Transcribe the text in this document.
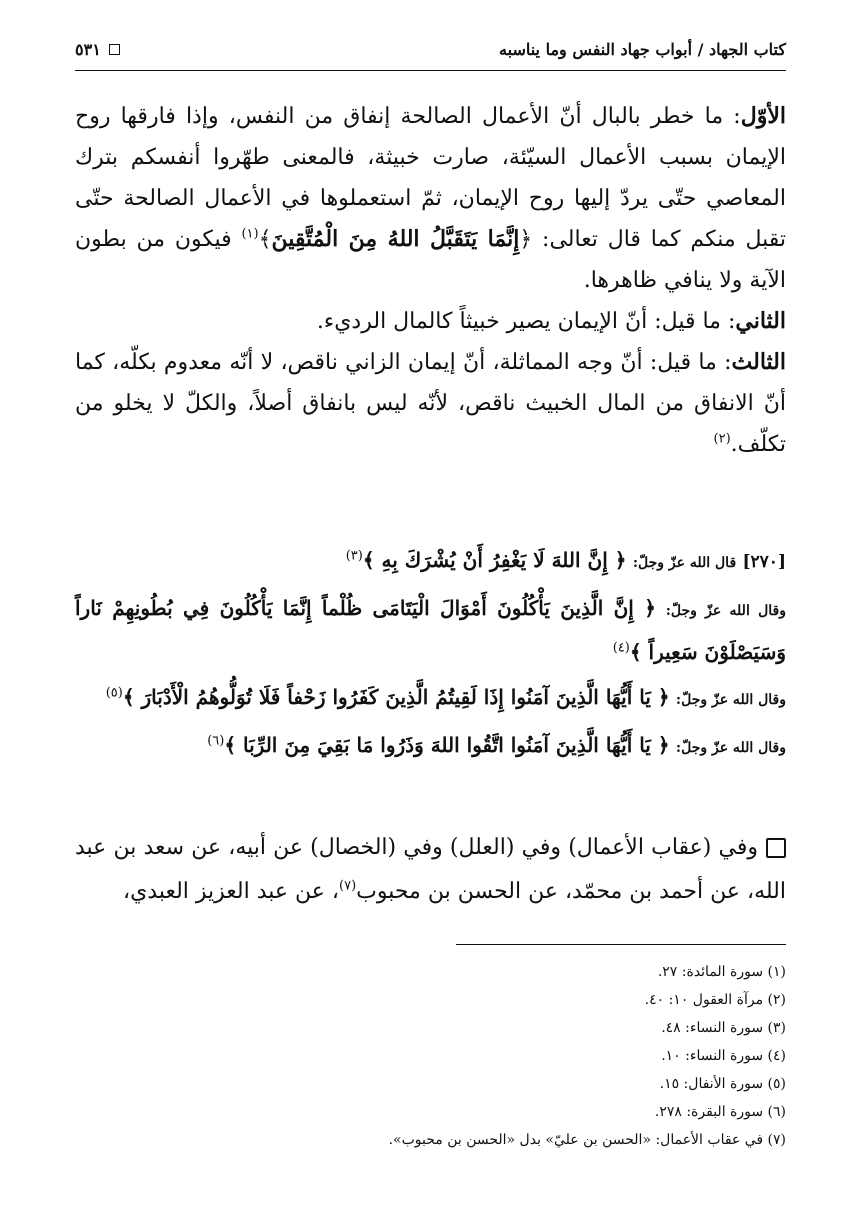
كتاب الجهاد / أبواب جهاد النفس وما يناسبه
٥٣١

الأوّل: ما خطر بالبال أنّ الأعمال الصالحة إنفاق من النفس، وإذا فارقها روح الإيمان بسبب الأعمال السيّئة، صارت خبيثة، فالمعنى طهّروا أنفسكم بترك المعاصي حتّى يردّ إليها روح الإيمان، ثمّ استعملوها في الأعمال الصالحة حتّى تقبل منكم كما قال تعالى: ﴿إِنَّمَا يَتَقَبَّلُ اللهُ مِنَ الْمُتَّقِينَ﴾$^{(١)}$ فيكون من بطون الآية ولا ينافي ظاهرها.

الثاني: ما قيل: أنّ الإيمان يصير خبيثاً كالمال الرديء.

الثالث: ما قيل: أنّ وجه المماثلة، أنّ إيمان الزاني ناقص، لا أنّه معدوم بكلّه، كما أنّ الانفاق من المال الخبيث ناقص، لأنّه ليس بانفاق أصلاً، والكلّ لا يخلو من تكلّف.$^{(٢)}$

[٢٧٠] قال الله عزّ وجلّ: ﴿ إِنَّ اللهَ لَا يَغْفِرُ أَنْ يُشْرَكَ بِهِ ﴾$^{(٣)}$

وقال الله عزّ وجلّ: ﴿ إِنَّ الَّذِينَ يَأْكُلُونَ أَمْوَالَ الْيَتَامَى ظُلْماً إِنَّمَا يَأْكُلُونَ فِي بُطُونِهِمْ نَاراً وَسَيَصْلَوْنَ سَعِيراً ﴾$^{(٤)}$

وقال الله عزّ وجلّ: ﴿ يَا أَيُّهَا الَّذِينَ آمَنُوا إِذَا لَقِيتُمُ الَّذِينَ كَفَرُوا زَحْفاً فَلَا تُوَلُّوهُمُ الْأَدْبَارَ ﴾$^{(٥)}$

وقال الله عزّ وجلّ: ﴿ يَا أَيُّهَا الَّذِينَ آمَنُوا اتَّقُوا اللهَ وَذَرُوا مَا بَقِيَ مِنَ الرِّبَا ﴾$^{(٦)}$

وفي (عقاب الأعمال) وفي (العلل) وفي (الخصال) عن أبيه، عن سعد بن عبد الله، عن أحمد بن محمّد، عن الحسن بن محبوب$^{(٧)}$، عن عبد العزيز العبدي،

(١) سورة المائدة: ٢٧.

(٢) مرآة العقول ١٠: ٤٠.

(٣) سورة النساء: ٤٨.

(٤) سورة النساء: ١٠.

(٥) سورة الأنفال: ١٥.

(٦) سورة البقرة: ٢٧٨.

(٧) في عقاب الأعمال: «الحسن بن عليّ» بدل «الحسن بن محبوب».
